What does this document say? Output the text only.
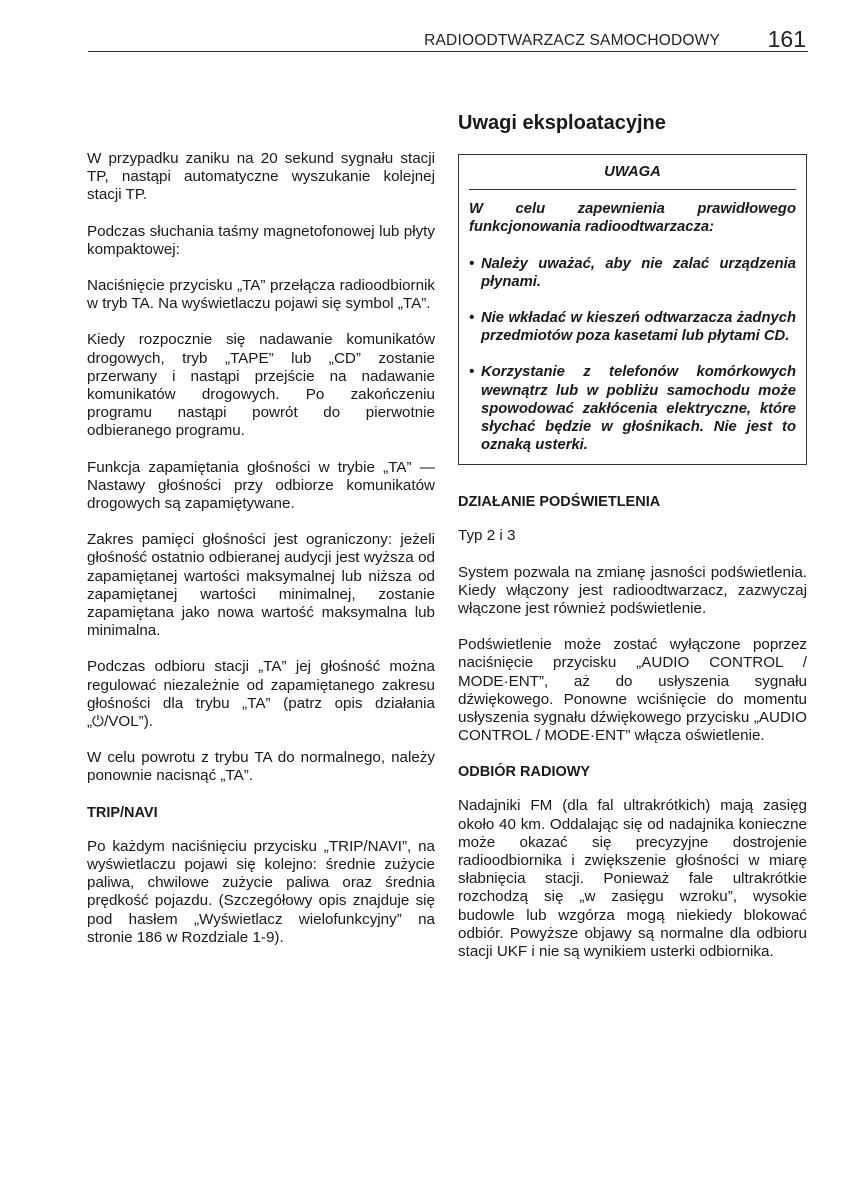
RADIOODTWARZACZ SAMOCHODOWY 161

W przypadku zaniku na 20 sekund sygnału stacji TP, nastąpi automatyczne wyszukanie kolejnej stacji TP.

Podczas słuchania taśmy magnetofonowej lub płyty kompaktowej:

Naciśnięcie przycisku „TA” przełącza radioodbiornik w tryb TA. Na wyświetlaczu pojawi się symbol „TA”.

Kiedy rozpocznie się nadawanie komunikatów drogowych, tryb „TAPE” lub „CD” zostanie przerwany i nastąpi przejście na nadawanie komunikatów drogowych. Po zakończeniu programu nastąpi powrót do pierwotnie odbieranego programu.

Funkcja zapamiętania głośności w trybie „TA” — Nastawy głośności przy odbiorze komunikatów drogowych są zapamiętywane.

Zakres pamięci głośności jest ograniczony: jeżeli głośność ostatnio odbieranej audycji jest wyższa od zapamiętanej wartości maksymalnej lub niższa od zapamiętanej wartości minimalnej, zostanie zapamiętana jako nowa wartość maksymalna lub minimalna.

Podczas odbioru stacji „TA” jej głośność można regulować niezależnie od zapamiętanego zakresu głośności dla trybu „TA” (patrz opis działania „⏻/VOL”).

W celu powrotu z trybu TA do normalnego, należy ponownie nacisnąć „TA”.

TRIP/NAVI

Po każdym naciśnięciu przycisku „TRIP/NAVI”, na wyświetlaczu pojawi się kolejno: średnie zużycie paliwa, chwilowe zużycie paliwa oraz średnia prędkość pojazdu. (Szczegółowy opis znajduje się pod hasłem „Wyświetlacz wielofunkcyjny” na stronie 186 w Rozdziale 1-9).

Uwagi eksploatacyjne
UWAGA
W celu zapewnienia prawidłowego funkcjonowania radioodtwarzacza:
• Należy uważać, aby nie zalać urządzenia płynami.
• Nie wkładać w kieszeń odtwarzacza żadnych przedmiotów poza kasetami lub płytami CD.
• Korzystanie z telefonów komórkowych wewnątrz lub w pobliżu samochodu może spowodować zakłócenia elektryczne, które słychać będzie w głośnikach. Nie jest to oznaką usterki.
DZIAŁANIE PODŚWIETLENIA

Typ 2 i 3

System pozwala na zmianę jasności podświetlenia. Kiedy włączony jest radioodtwarzacz, zazwyczaj włączone jest również podświetlenie.

Podświetlenie może zostać wyłączone poprzez naciśnięcie przycisku „AUDIO CONTROL / MODE·ENT”, aż do usłyszenia sygnału dźwiękowego. Ponowne wciśnięcie do momentu usłyszenia sygnału dźwiękowego przycisku „AUDIO CONTROL / MODE·ENT” włącza oświetlenie.

ODBIÓR RADIOWY

Nadajniki FM (dla fal ultrakrótkich) mają zasięg około 40 km. Oddalając się od nadajnika konieczne może okazać się precyzyjne dostrojenie radioodbiornika i zwiększenie głośności w miarę słabnięcia stacji. Ponieważ fale ultrakrótkie rozchodzą się „w zasięgu wzroku”, wysokie budowle lub wzgórza mogą niekiedy blokować odbiór. Powyższe objawy są normalne dla odbioru stacji UKF i nie są wynikiem usterki odbiornika.
